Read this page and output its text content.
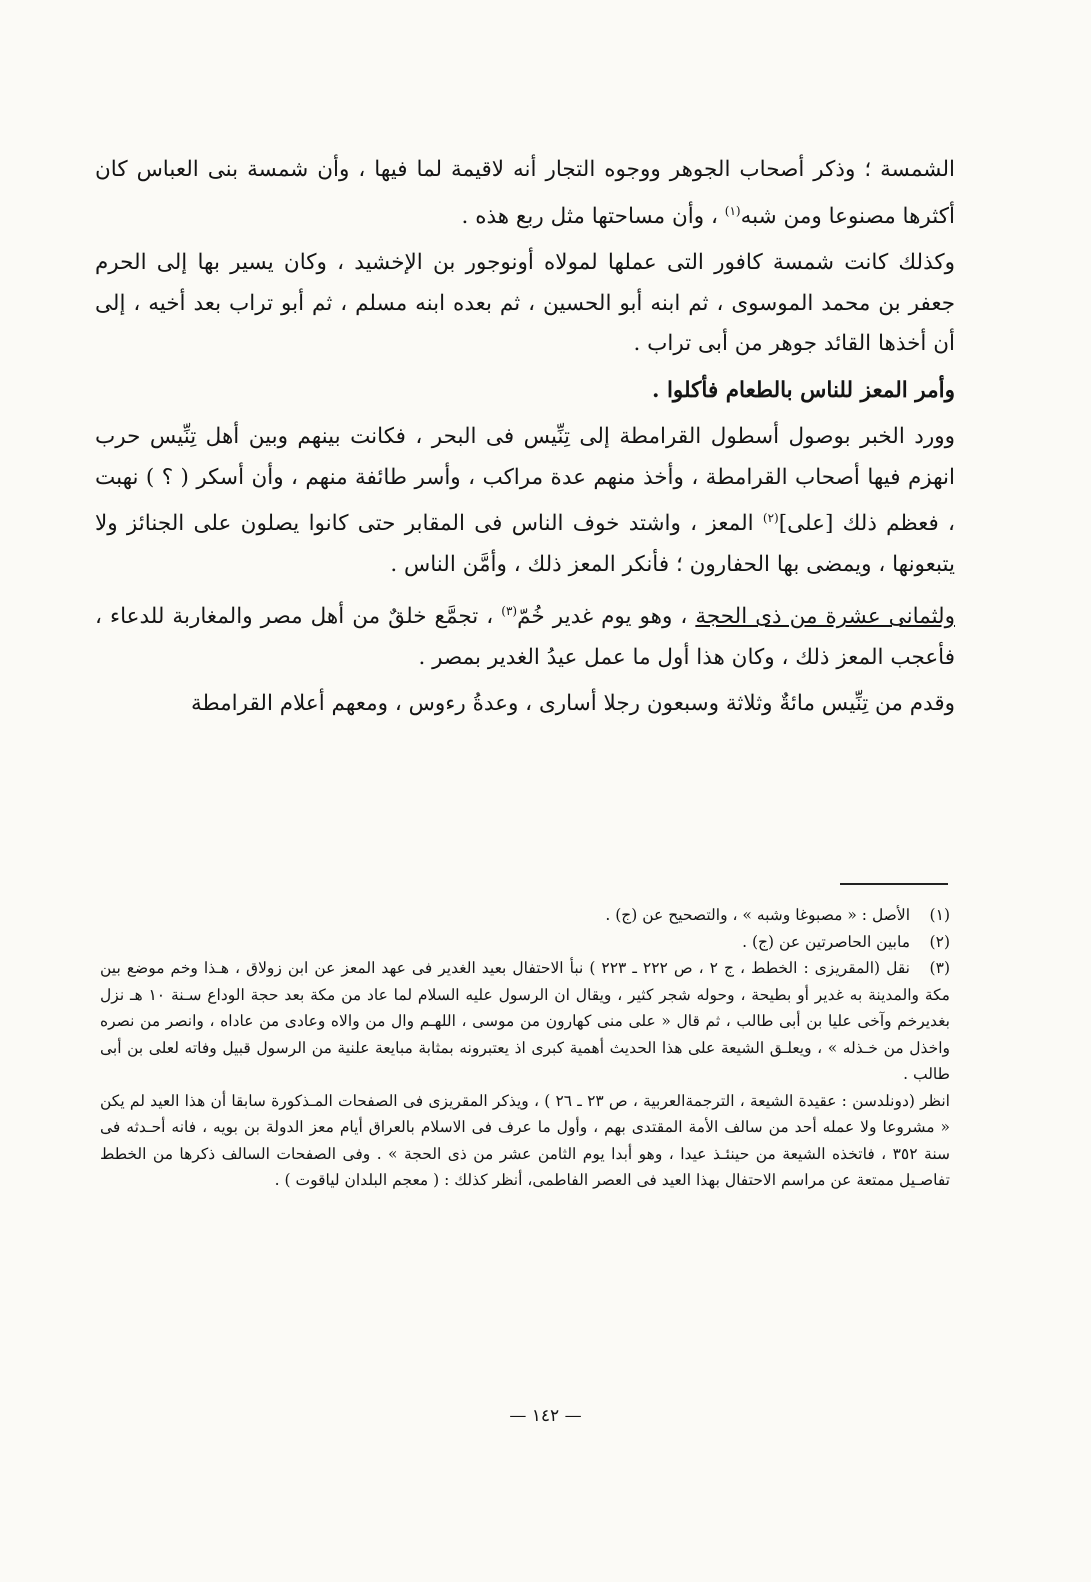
الشمسة ؛ وذكر أصحاب الجوهر ووجوه التجار أنه لاقيمة لما فيها ، وأن شمسة بنى العباس كان أكثرها مصنوعا ومن شبه$^{(١)}$ ، وأن مساحتها مثل ربع هذه .

وكذلك كانت شمسة كافور التى عملها لمولاه أونوجور بن الإخشيد ، وكان يسير بها إلى الحرم جعفر بن محمد الموسوى ، ثم ابنه أبو الحسين ، ثم بعده ابنه مسلم ، ثم أبو تراب بعد أخيه ، إلى أن أخذها القائد جوهر من أبى تراب .

وأمر المعز للناس بالطعام فأكلوا .

وورد الخبر بوصول أسطول القرامطة إلى تِنِّيس فى البحر ، فكانت بينهم وبين أهل تِنِّيس حرب انهزم فيها أصحاب القرامطة ، وأخذ منهم عدة مراكب ، وأسر طائفة منهم ، وأن أسكر ( ؟ ) نهبت ، فعظم ذلك [على]$^{(٢)}$ المعز ، واشتد خوف الناس فى المقابر حتى كانوا يصلون على الجنائز ولا يتبعونها ، ويمضى بها الحفارون ؛ فأنكر المعز ذلك ، وأمَّن الناس .

ولثمانى عشرة من ذى الحجة ، وهو يوم غدير خُمّ$^{(٣)}$ ، تجمَّع خلقٌ من أهل مصر والمغاربة للدعاء ، فأعجب المعز ذلك ، وكان هذا أول ما عمل عيدُ الغدير بمصر .

وقدم من تِنِّيس مائةٌ وثلاثة وسبعون رجلا أسارى ، وعدةُ رءوس ، ومعهم أعلام القرامطة

(١)الأصل : « مصبوغا وشبه » ، والتصحيح عن (ج) .

(٢)مابين الحاصرتين عن (ج) .

(٣)نقل (المقريزى : الخطط ، ج ٢ ، ص ٢٢٢ ـ ٢٢٣ ) نبأ الاحتفال بعيد الغدير فى عهد المعز عن ابن زولاق ، هـذا وخم موضع بين مكة والمدينة به غدير أو بطيحة ، وحوله شجر كثير ، ويقال ان الرسول عليه السلام لما عاد من مكة بعد حجة الوداع سـنة ١٠ هـ نزل بغديرخم وآخى عليا بن أبى طالب ، ثم قال « على منى كهارون من موسى ، اللهـم وال من والاه وعادى من عاداه ، وانصر من نصره واخذل من خـذله » ، ويعلـق الشيعة على هذا الحديث أهمية كبرى اذ يعتبرونه بمثابة مبايعة علنية من الرسول قبيل وفاته لعلى بن أبى طالب .

انظر (دونلدسن : عقيدة الشيعة ، الترجمةالعربية ، ص ٢٣ ـ ٢٦ ) ، ويذكر المقريزى فى الصفحات المـذكورة سابقا أن هذا العيد لم يكن « مشروعا ولا عمله أحد من سالف الأمة المقتدى بهم ، وأول ما عرف فى الاسلام بالعراق أيام معز الدولة بن بويه ، فانه أحـدثه فى سنة ٣٥٢ ، فاتخذه الشيعة من حينئـذ عيدا ، وهو أبدا يوم الثامن عشر من ذى الحجة » . وفى الصفحات السالف ذكرها من الخطط تفاصـيل ممتعة عن مراسم الاحتفال بهذا العيد فى العصر الفاطمى، أنظر كذلك : ( معجم البلدان لياقوت ) .

— ١٤٢ —
